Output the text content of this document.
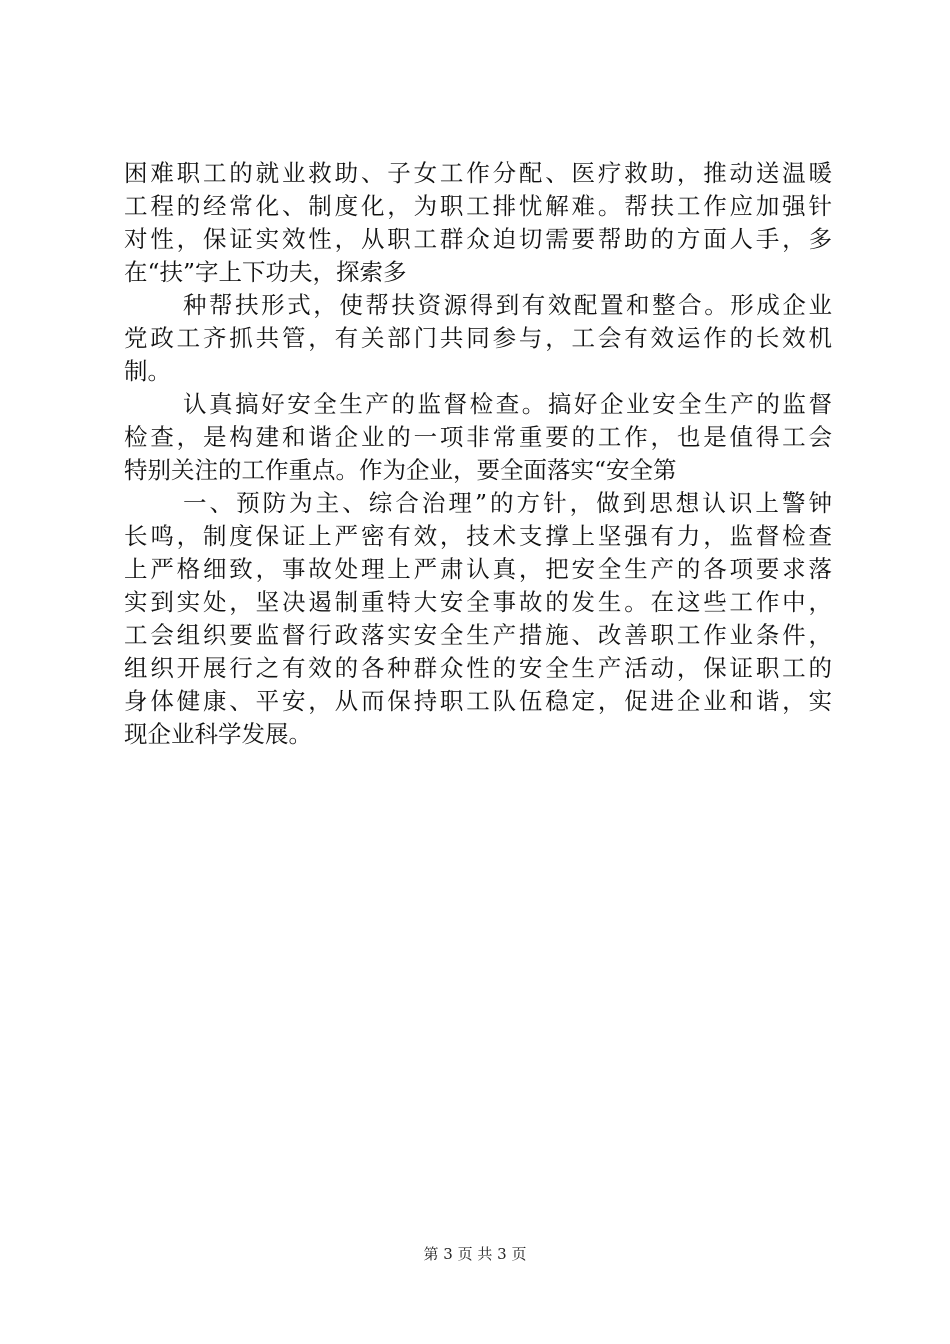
困难职工的就业救助、子女工作分配、医疗救助，推动送温暖
工程的经常化、制度化，为职工排忧解难。帮扶工作应加强针
对性，保证实效性，从职工群众迫切需要帮助的方面人手，多
在“扶”字上下功夫，探索多
种帮扶形式，使帮扶资源得到有效配置和整合。形成企业
党政工齐抓共管，有关部门共同参与，工会有效运作的长效机
制。
认真搞好安全生产的监督检查。搞好企业安全生产的监督
检查，是构建和谐企业的一项非常重要的工作，也是值得工会
特别关注的工作重点。作为企业，要全面落实“安全第
一、预防为主、综合治理”的方针，做到思想认识上警钟
长鸣，制度保证上严密有效，技术支撑上坚强有力，监督检查
上严格细致，事故处理上严肃认真，把安全生产的各项要求落
实到实处，坚决遏制重特大安全事故的发生。在这些工作中，
工会组织要监督行政落实安全生产措施、改善职工作业条件，
组织开展行之有效的各种群众性的安全生产活动，保证职工的
身体健康、平安，从而保持职工队伍稳定，促进企业和谐，实
现企业科学发展。
第 3 页 共 3 页
